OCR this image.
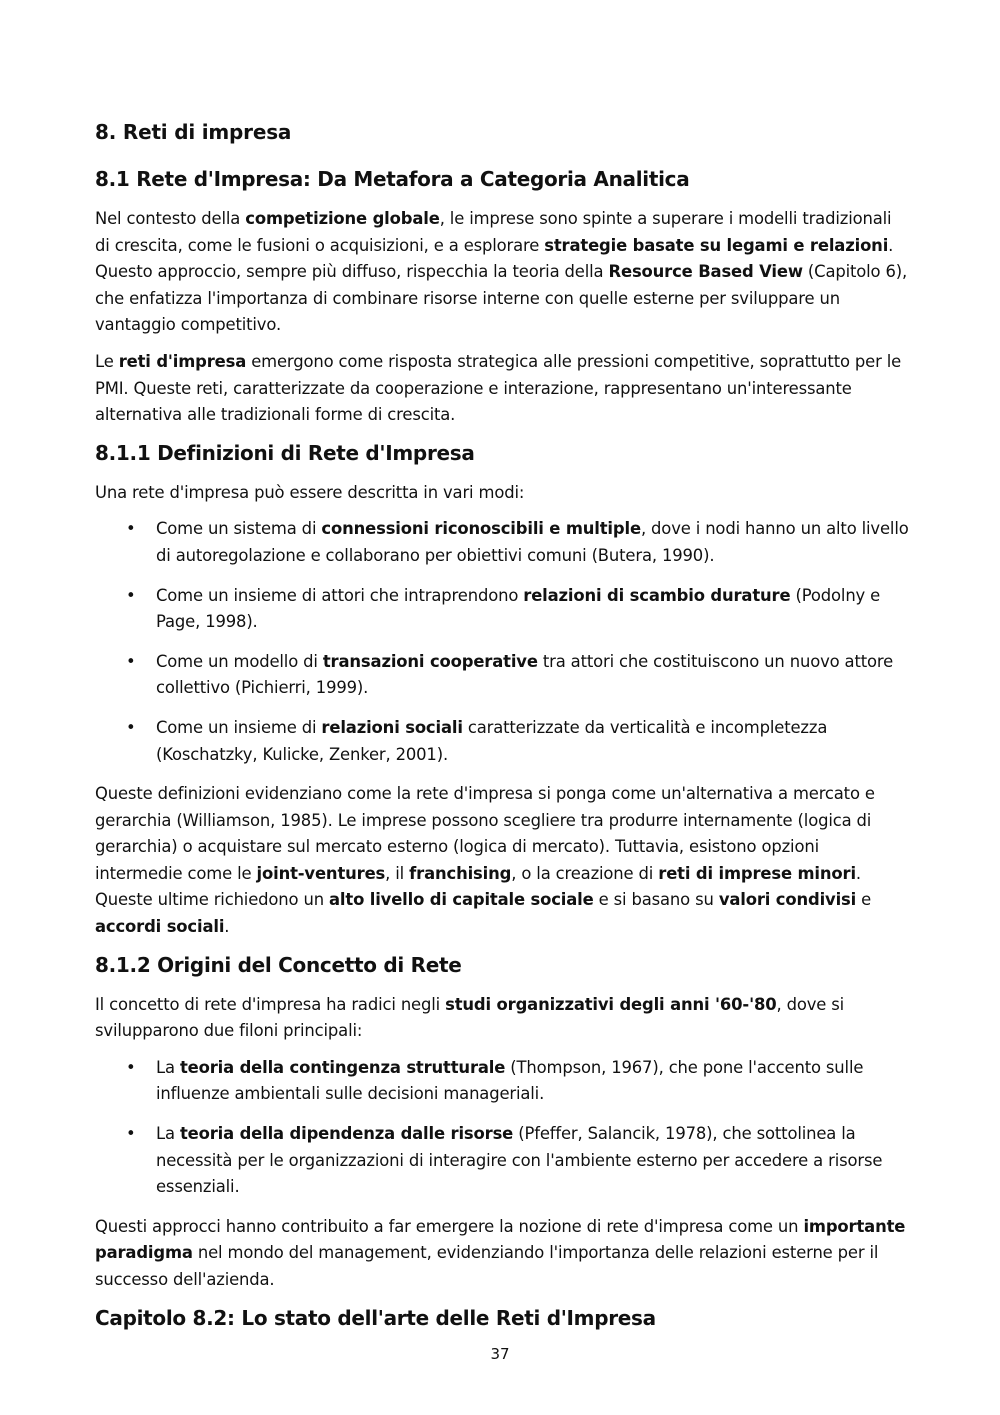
8. Reti di impresa
8.1 Rete d'Impresa: Da Metafora a Categoria Analitica

Nel contesto della competizione globale, le imprese sono spinte a superare i modelli tradizionali di crescita, come le fusioni o acquisizioni, e a esplorare strategie basate su legami e relazioni. Questo approccio, sempre più diffuso, rispecchia la teoria della Resource Based View (Capitolo 6), che enfatizza l'importanza di combinare risorse interne con quelle esterne per sviluppare un vantaggio competitivo.

Le reti d'impresa emergono come risposta strategica alle pressioni competitive, soprattutto per le PMI. Queste reti, caratterizzate da cooperazione e interazione, rappresentano un'interessante alternativa alle tradizionali forme di crescita.

8.1.1 Definizioni di Rete d'Impresa

Una rete d'impresa può essere descritta in vari modi:

• Come un sistema di connessioni riconoscibili e multiple, dove i nodi hanno un alto livello di autoregolazione e collaborano per obiettivi comuni (Butera, 1990).
• Come un insieme di attori che intraprendono relazioni di scambio durature (Podolny e Page, 1998).
• Come un modello di transazioni cooperative tra attori che costituiscono un nuovo attore collettivo (Pichierri, 1999).
• Come un insieme di relazioni sociali caratterizzate da verticalità e incompletezza (Koschatzky, Kulicke, Zenker, 2001).

Queste definizioni evidenziano come la rete d'impresa si ponga come un'alternativa a mercato e gerarchia (Williamson, 1985). Le imprese possono scegliere tra produrre internamente (logica di gerarchia) o acquistare sul mercato esterno (logica di mercato). Tuttavia, esistono opzioni intermedie come le joint-ventures, il franchising, o la creazione di reti di imprese minori. Queste ultime richiedono un alto livello di capitale sociale e si basano su valori condivisi e accordi sociali.

8.1.2 Origini del Concetto di Rete

Il concetto di rete d'impresa ha radici negli studi organizzativi degli anni '60-'80, dove si svilupparono due filoni principali:

• La teoria della contingenza strutturale (Thompson, 1967), che pone l'accento sulle influenze ambientali sulle decisioni manageriali.
• La teoria della dipendenza dalle risorse (Pfeffer, Salancik, 1978), che sottolinea la necessità per le organizzazioni di interagire con l'ambiente esterno per accedere a risorse essenziali.

Questi approcci hanno contribuito a far emergere la nozione di rete d'impresa come un importante paradigma nel mondo del management, evidenziando l'importanza delle relazioni esterne per il successo dell'azienda.

Capitolo 8.2: Lo stato dell'arte delle Reti d'Impresa
37
